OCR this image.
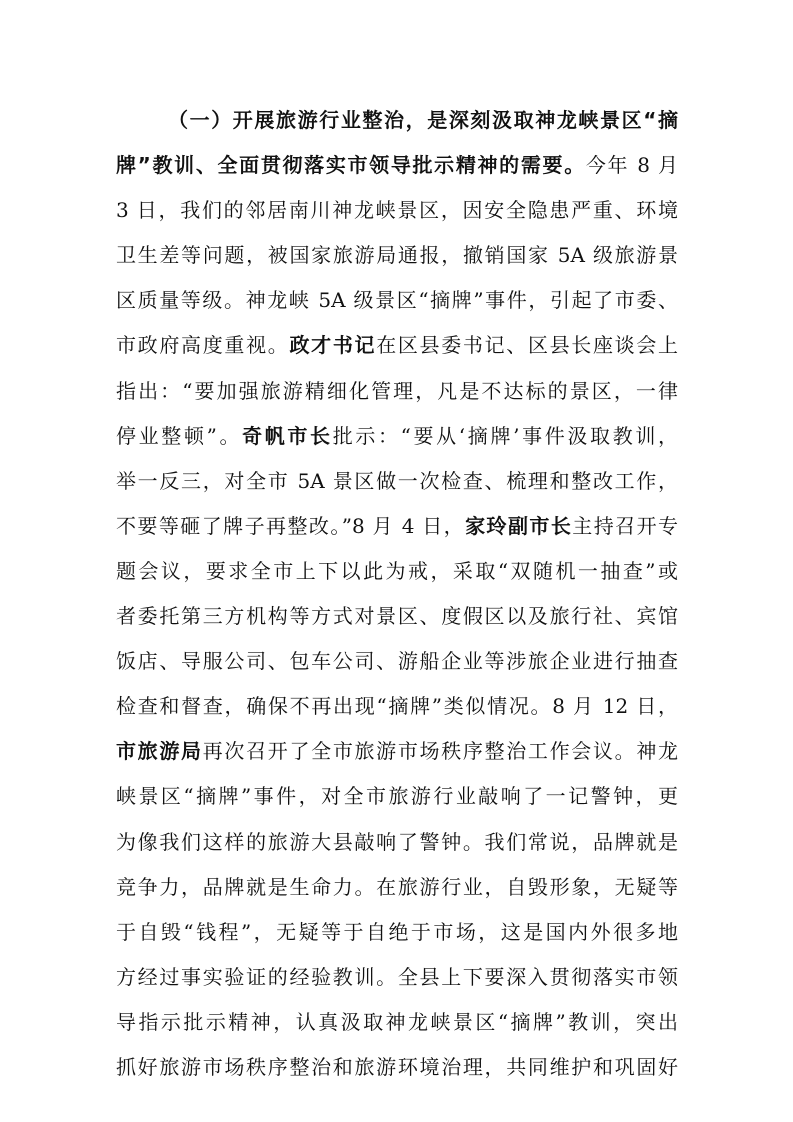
（一）开展旅游行业整治，是深刻汲取神龙峡景区“摘
牌”教训、全面贯彻落实市领导批示精神的需要。今年 8 月
3 日，我们的邻居南川神龙峡景区，因安全隐患严重、环境
卫生差等问题，被国家旅游局通报，撤销国家 5A 级旅游景
区质量等级。神龙峡 5A 级景区“摘牌”事件，引起了市委、
市政府高度重视。政才书记在区县委书记、区县长座谈会上
指出：“要加强旅游精细化管理，凡是不达标的景区，一律
停业整顿”。奇帆市长批示：“要从‘摘牌’事件汲取教训，
举一反三，对全市 5A 景区做一次检查、梳理和整改工作，
不要等砸了牌子再整改。”8 月 4 日，家玲副市长主持召开专
题会议，要求全市上下以此为戒，采取“双随机一抽查”或
者委托第三方机构等方式对景区、度假区以及旅行社、宾馆
饭店、导服公司、包车公司、游船企业等涉旅企业进行抽查
检查和督查，确保不再出现“摘牌”类似情况。8 月 12 日，
市旅游局再次召开了全市旅游市场秩序整治工作会议。神龙
峡景区“摘牌”事件，对全市旅游行业敲响了一记警钟，更
为像我们这样的旅游大县敲响了警钟。我们常说，品牌就是
竞争力，品牌就是生命力。在旅游行业，自毁形象，无疑等
于自毁“钱程”，无疑等于自绝于市场，这是国内外很多地
方经过事实验证的经验教训。全县上下要深入贯彻落实市领
导指示批示精神，认真汲取神龙峡景区“摘牌”教训，突出
抓好旅游市场秩序整治和旅游环境治理，共同维护和巩固好
